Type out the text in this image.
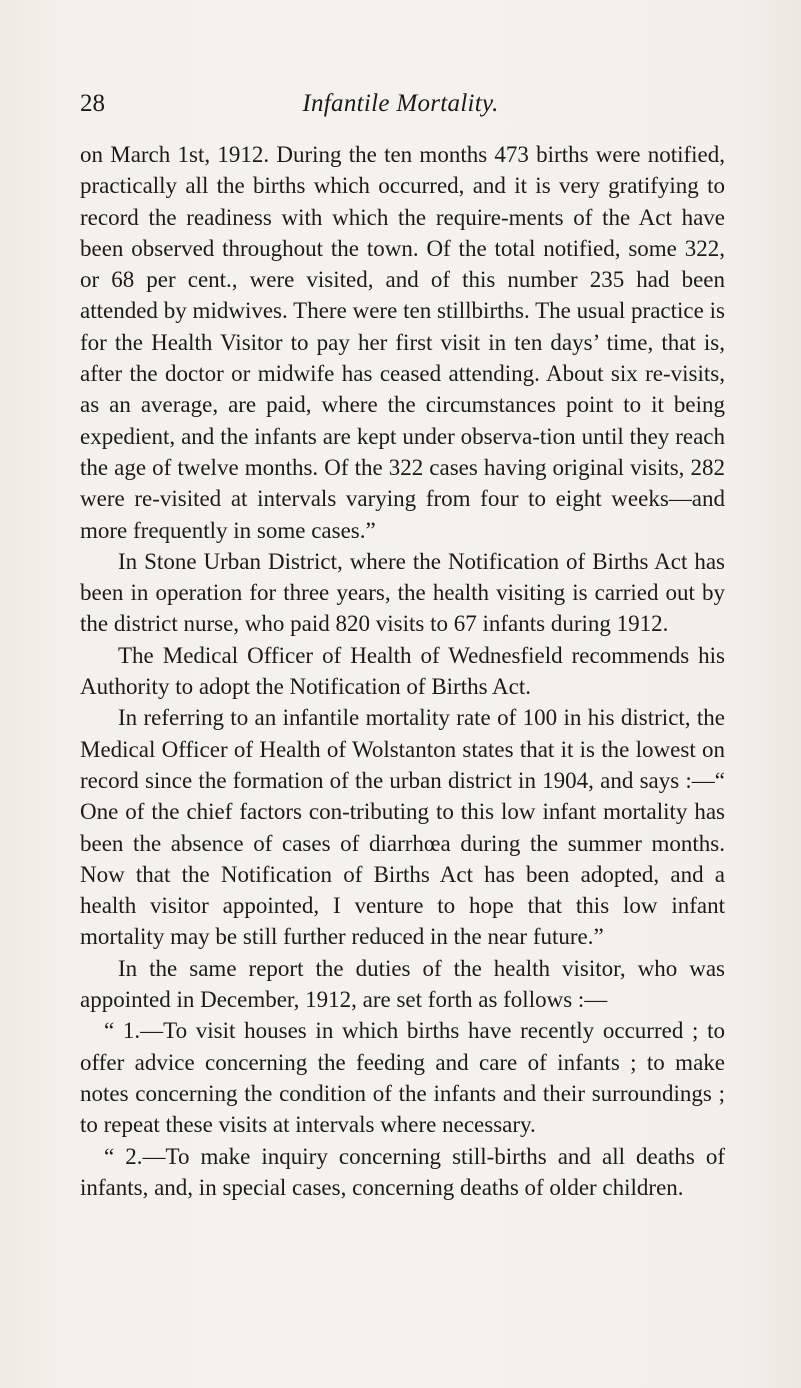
28	Infantile Mortality.

on March 1st, 1912. During the ten months 473 births were notified, practically all the births which occurred, and it is very gratifying to record the readiness with which the require-ments of the Act have been observed throughout the town. Of the total notified, some 322, or 68 per cent., were visited, and of this number 235 had been attended by midwives. There were ten stillbirths. The usual practice is for the Health Visitor to pay her first visit in ten days’ time, that is, after the doctor or midwife has ceased attending. About six re-visits, as an average, are paid, where the circumstances point to it being expedient, and the infants are kept under observa-tion until they reach the age of twelve months. Of the 322 cases having original visits, 282 were re-visited at intervals varying from four to eight weeks—and more frequently in some cases.”

In Stone Urban District, where the Notification of Births Act has been in operation for three years, the health visiting is carried out by the district nurse, who paid 820 visits to 67 infants during 1912.

The Medical Officer of Health of Wednesfield recommends his Authority to adopt the Notification of Births Act.

In referring to an infantile mortality rate of 100 in his district, the Medical Officer of Health of Wolstanton states that it is the lowest on record since the formation of the urban district in 1904, and says :—“ One of the chief factors con-tributing to this low infant mortality has been the absence of cases of diarrhœa during the summer months. Now that the Notification of Births Act has been adopted, and a health visitor appointed, I venture to hope that this low infant mortality may be still further reduced in the near future.”

In the same report the duties of the health visitor, who was appointed in December, 1912, are set forth as follows :—

“ 1.—To visit houses in which births have recently occurred ; to offer advice concerning the feeding and care of infants ; to make notes concerning the condition of the infants and their surroundings ; to repeat these visits at intervals where necessary.

“ 2.—To make inquiry concerning still-births and all deaths of infants, and, in special cases, concerning deaths of older children.
